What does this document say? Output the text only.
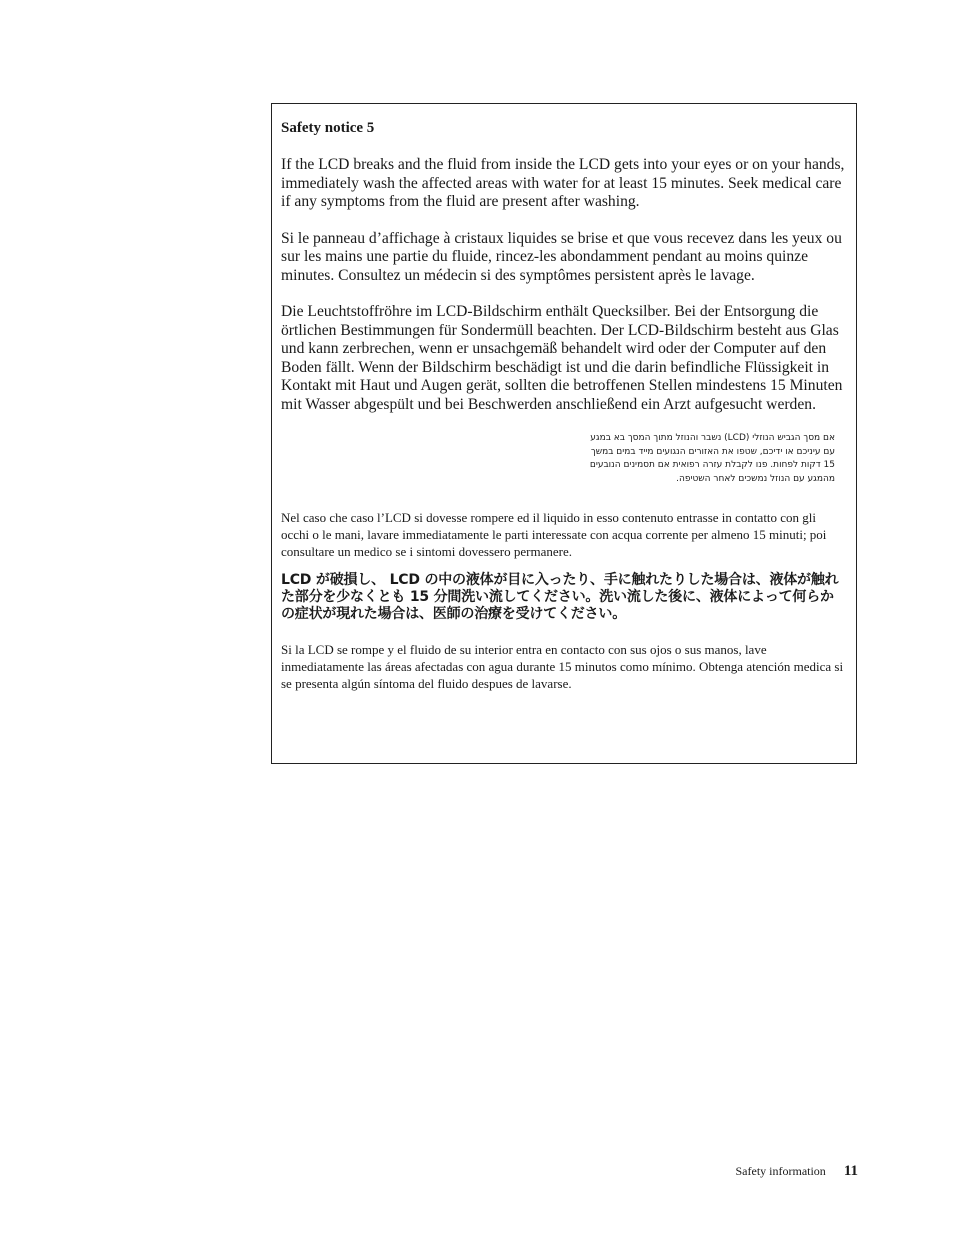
Safety notice 5

If the LCD breaks and the fluid from inside the LCD gets into your eyes or on your hands, immediately wash the affected areas with water for at least 15 minutes. Seek medical care if any symptoms from the fluid are present after washing.

Si le panneau d’affichage à cristaux liquides se brise et que vous recevez dans les yeux ou sur les mains une partie du fluide, rincez-les abondamment pendant au moins quinze minutes. Consultez un médecin si des symptômes persistent après le lavage.

Die Leuchtstoffröhre im LCD-Bildschirm enthält Quecksilber. Bei der Entsorgung die örtlichen Bestimmungen für Sondermüll beachten. Der LCD-Bildschirm besteht aus Glas und kann zerbrechen, wenn er unsachgemäß behandelt wird oder der Computer auf den Boden fällt. Wenn der Bildschirm beschädigt ist und die darin befindliche Flüssigkeit in Kontakt mit Haut und Augen gerät, sollten die betroffenen Stellen mindestens 15 Minuten mit Wasser abgespült und bei Beschwerden anschließend ein Arzt aufgesucht werden.

אם מסך הגביש הנוזלי (LCD) נשבר והנוזל מתוך המסך בא במגע
עם עיניכם או ידיכם, שטפו את האזורים הנגועים מייד במים במשך
15 דקות לפחות. פנו לקבלת עזרה רפואית אם תסמינים הנובעים
מהמגע עם הנוזל נמשכים לאחר השטיפה.

Nel caso che caso l’LCD si dovesse rompere ed il liquido in esso contenuto entrasse in contatto con gli occhi o le mani, lavare immediatamente le parti interessate con acqua corrente per almeno 15 minuti; poi consultare un medico se i sintomi dovessero permanere.

LCD が破損し、 LCD の中の液体が目に入ったり、手に触れたりした場合は、液体が触れた部分を少なくとも 15 分間洗い流してください。洗い流した後に、液体によって何らかの症状が現れた場合は、医師の治療を受けてください。

Si la LCD se rompe y el fluido de su interior entra en contacto con sus ojos o sus manos, lave inmediatamente las áreas afectadas con agua durante 15 minutos como mínimo. Obtenga atención medica si se presenta algún síntoma del fluido despues de lavarse.

Safety information 11
